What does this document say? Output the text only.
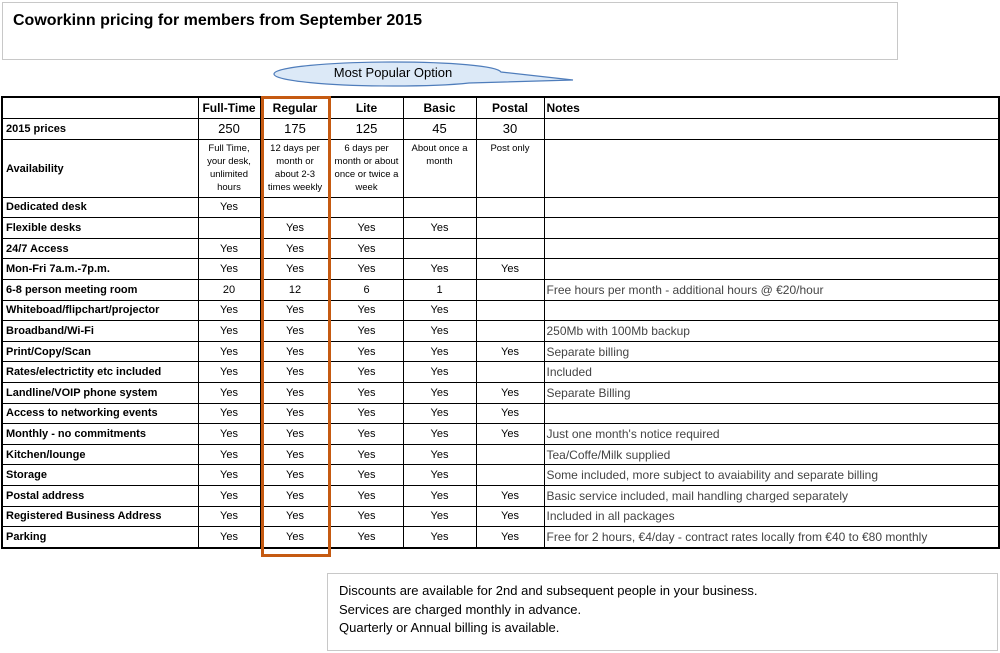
Coworkinn pricing for members from September 2015
Most Popular Option
	Full-Time	Regular	Lite	Basic	Postal	Notes
2015 prices	250	175	125	45	30	
Availability	Full Time, your desk, unlimited hours	12 days per month or about 2-3 times weekly	6 days per month or about once or twice a week	About once a month	Post only	
Dedicated desk	Yes					
Flexible desks		Yes	Yes	Yes		
24/7 Access	Yes	Yes	Yes			
Mon-Fri 7a.m.-7p.m.	Yes	Yes	Yes	Yes	Yes	
6-8 person meeting room	20	12	6	1		Free hours per month - additional hours @ €20/hour
Whiteboad/flipchart/projector	Yes	Yes	Yes	Yes		
Broadband/Wi-Fi	Yes	Yes	Yes	Yes		250Mb with 100Mb backup
Print/Copy/Scan	Yes	Yes	Yes	Yes	Yes	Separate billing
Rates/electrictity etc included	Yes	Yes	Yes	Yes		Included
Landline/VOIP phone system	Yes	Yes	Yes	Yes	Yes	Separate Billing
Access to networking events	Yes	Yes	Yes	Yes	Yes	
Monthly - no commitments	Yes	Yes	Yes	Yes	Yes	Just one month's notice required
Kitchen/lounge	Yes	Yes	Yes	Yes		Tea/Coffe/Milk supplied
Storage	Yes	Yes	Yes	Yes		Some included, more subject to avaiability and separate billing
Postal address	Yes	Yes	Yes	Yes	Yes	Basic service included, mail handling charged separately
Registered Business Address	Yes	Yes	Yes	Yes	Yes	Included in all packages
Parking	Yes	Yes	Yes	Yes	Yes	Free for 2 hours, €4/day - contract rates locally from €40 to €80 monthly
Discounts are available for 2nd and subsequent people in your business.
Services are charged monthly in advance.
Quarterly or Annual billing is available.
